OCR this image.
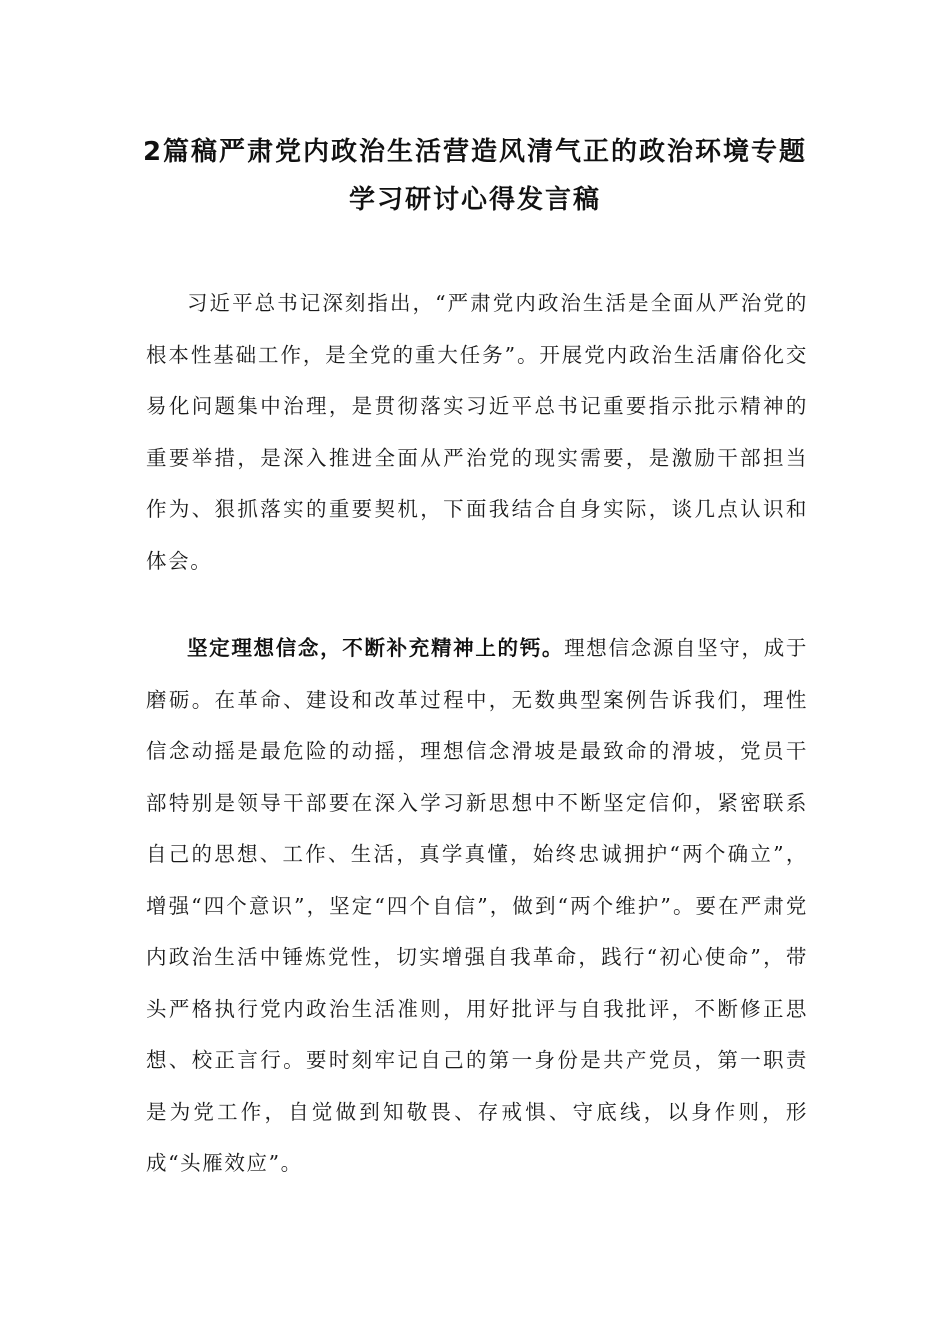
2篇稿严肃党内政治生活营造风清气正的政治环境专题学习研讨心得发言稿

习近平总书记深刻指出，“严肃党内政治生活是全面从严治党的根本性基础工作，是全党的重大任务”。开展党内政治生活庸俗化交易化问题集中治理，是贯彻落实习近平总书记重要指示批示精神的重要举措，是深入推进全面从严治党的现实需要，是激励干部担当作为、狠抓落实的重要契机，下面我结合自身实际，谈几点认识和体会。

坚定理想信念，不断补充精神上的钙。理想信念源自坚守，成于磨砺。在革命、建设和改革过程中，无数典型案例告诉我们，理性信念动摇是最危险的动摇，理想信念滑坡是最致命的滑坡，党员干部特别是领导干部要在深入学习新思想中不断坚定信仰，紧密联系自己的思想、工作、生活，真学真懂，始终忠诚拥护“两个确立”，增强“四个意识”，坚定“四个自信”，做到“两个维护”。要在严肃党内政治生活中锤炼党性，切实增强自我革命，践行“初心使命”，带头严格执行党内政治生活准则，用好批评与自我批评，不断修正思想、校正言行。要时刻牢记自己的第一身份是共产党员，第一职责是为党工作，自觉做到知敬畏、存戒惧、守底线，以身作则，形成“头雁效应”。
